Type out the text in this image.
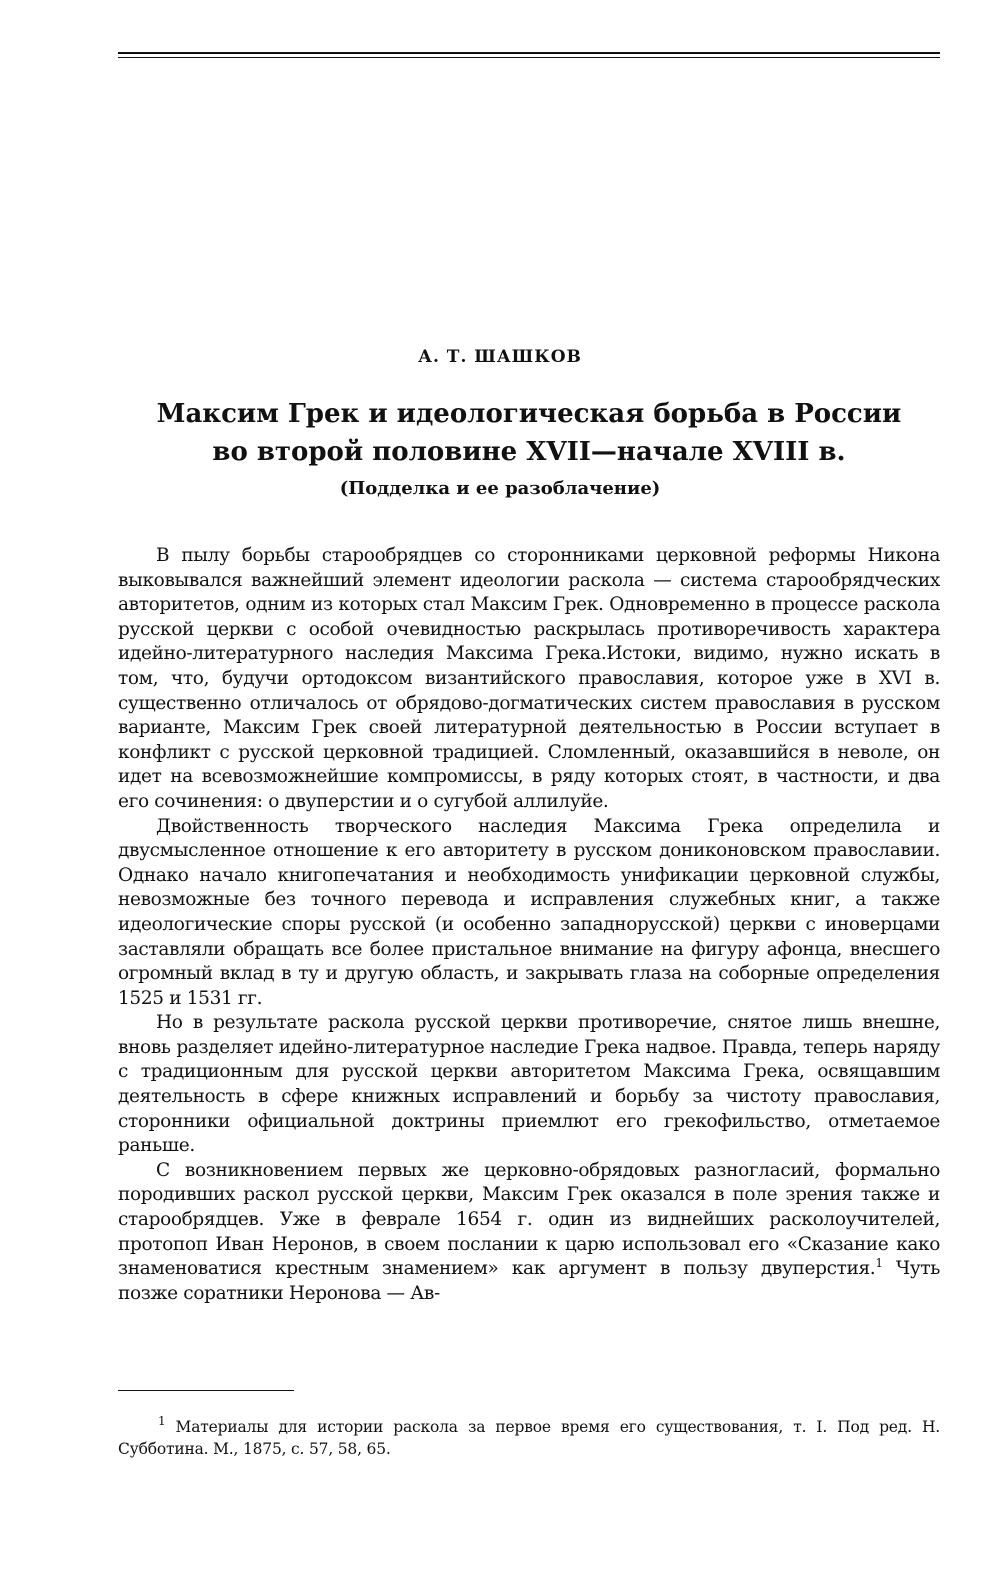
А. Т. ШАШКОВ
Максим Грек и идеологическая борьба в России
во второй половине XVII—начале XVIII в.
(Подделка и ее разоблачение)

В пылу борьбы старообрядцев со сторонниками церковной реформы Никона выковывался важнейший элемент идеологии раскола — система старообрядческих авторитетов, одним из которых стал Максим Грек. Одновременно в процессе раскола русской церкви с особой очевидностью раскрылась противоречивость характера идейно-литературного наследия Максима Грека.Истоки, видимо, нужно искать в том, что, будучи ортодоксом византийского православия, которое уже в XVI в. существенно отличалось от обрядово-догматических систем православия в русском варианте, Максим Грек своей литературной деятельностью в России вступает в конфликт с русской церковной традицией. Сломленный, оказавшийся в неволе, он идет на всевозможнейшие компромиссы, в ряду которых стоят, в частности, и два его сочинения: о двуперстии и о сугубой аллилуйе.

Двойственность творческого наследия Максима Грека определила и двусмысленное отношение к его авторитету в русском дониконовском православии. Однако начало книгопечатания и необходимость унификации церковной службы, невозможные без точного перевода и исправления служебных книг, а также идеологические споры русской (и особенно западнорусской) церкви с иноверцами заставляли обращать все более пристальное внимание на фигуру афонца, внесшего огромный вклад в ту и другую область, и закрывать глаза на соборные определения 1525 и 1531 гг.

Но в результате раскола русской церкви противоречие, снятое лишь внешне, вновь разделяет идейно-литературное наследие Грека надвое. Правда, теперь наряду с традиционным для русской церкви авторитетом Максима Грека, освящавшим деятельность в сфере книжных исправлений и борьбу за чистоту православия, сторонники официальной доктрины приемлют его грекофильство, отметаемое раньше.

С возникновением первых же церковно-обрядовых разногласий, формально породивших раскол русской церкви, Максим Грек оказался в поле зрения также и старообрядцев. Уже в феврале 1654 г. один из виднейших расколоучителей, протопоп Иван Неронов, в своем послании к царю использовал его «Сказание како знаменоватися крестным знамением» как аргумент в пользу двуперстия.$^1$ Чуть позже соратники Неронова — Ав-

$^1$ Материалы для истории раскола за первое время его существования, т. I. Под ред. Н. Субботина. М., 1875, с. 57, 58, 65.
